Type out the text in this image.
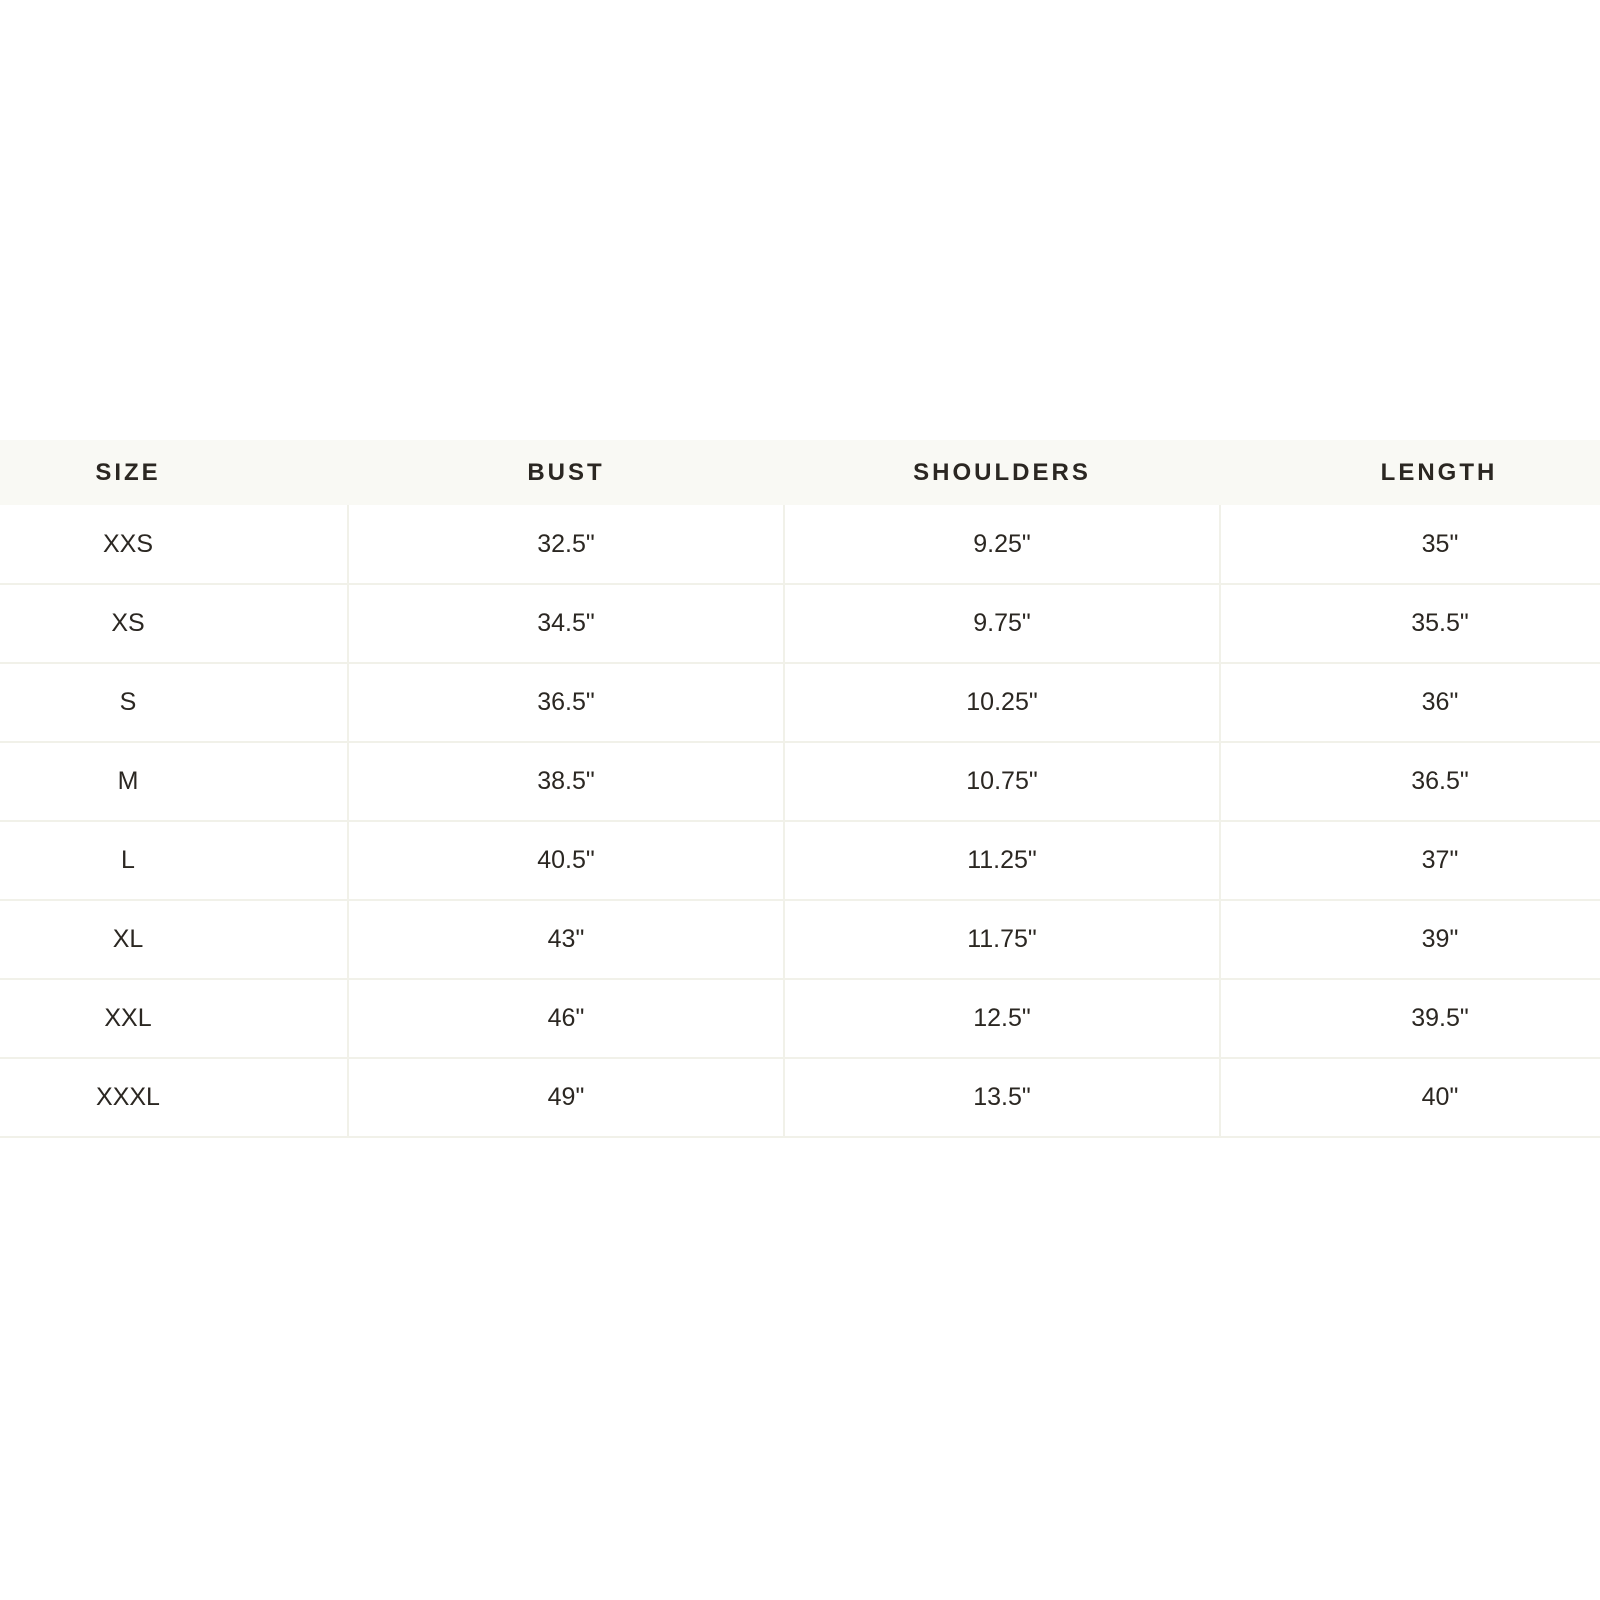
SIZE	BUST	SHOULDERS	LENGTH
XXS	32.5"	9.25"	35"
XS	34.5"	9.75"	35.5"
S	36.5"	10.25"	36"
M	38.5"	10.75"	36.5"
L	40.5"	11.25"	37"
XL	43"	11.75"	39"
XXL	46"	12.5"	39.5"
XXXL	49"	13.5"	40"
